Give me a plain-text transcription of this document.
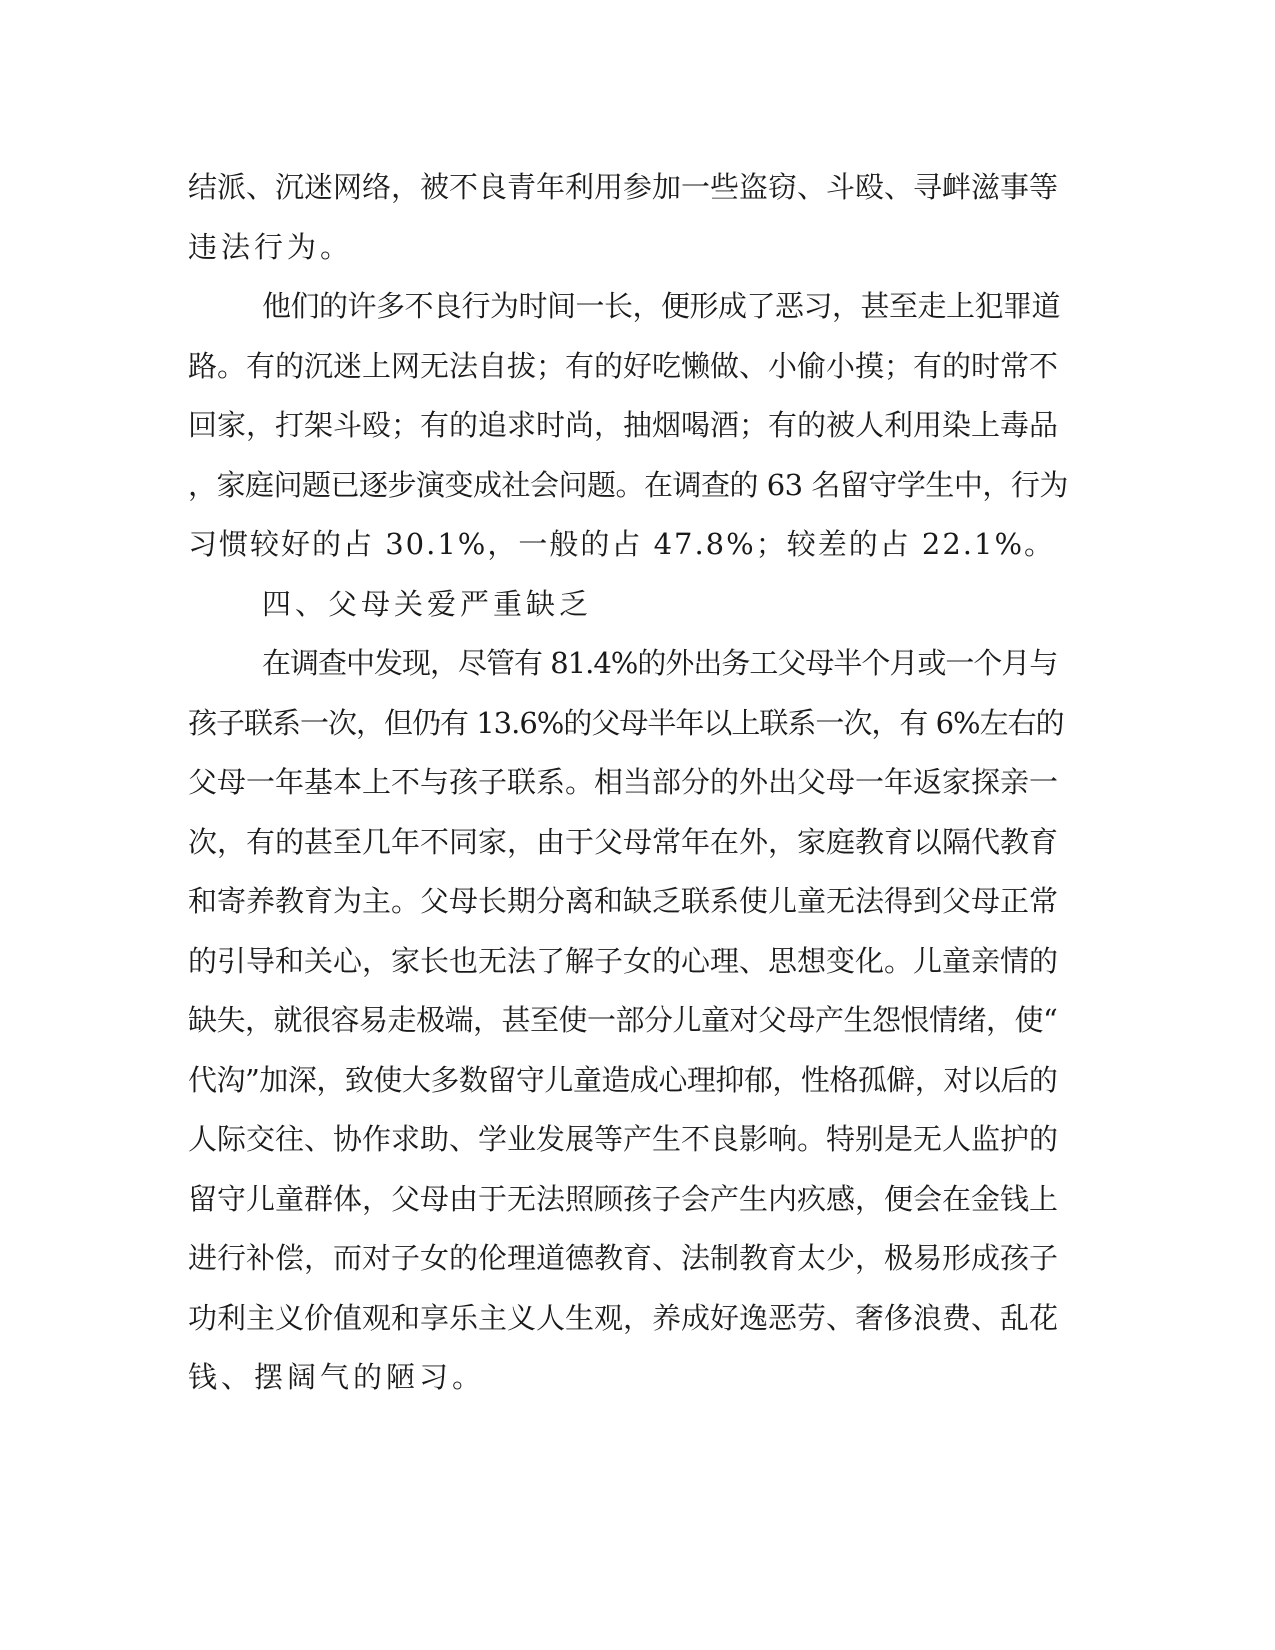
结派、沉迷网络，被不良青年利用参加一些盗窃、斗殴、寻衅滋事等
违法行为。
他们的许多不良行为时间一长，便形成了恶习，甚至走上犯罪道
路。有的沉迷上网无法自拔；有的好吃懒做、小偷小摸；有的时常不
回家，打架斗殴；有的追求时尚，抽烟喝酒；有的被人利用染上毒品
，家庭问题已逐步演变成社会问题。在调查的 63 名留守学生中，行为
习惯较好的占 30.1%，一般的占 47.8%；较差的占 22.1%。
四、父母关爱严重缺乏
在调查中发现，尽管有 81.4%的外出务工父母半个月或一个月与
孩子联系一次，但仍有 13.6%的父母半年以上联系一次，有 6%左右的
父母一年基本上不与孩子联系。相当部分的外出父母一年返家探亲一
次，有的甚至几年不同家，由于父母常年在外，家庭教育以隔代教育
和寄养教育为主。父母长期分离和缺乏联系使儿童无法得到父母正常
的引导和关心，家长也无法了解子女的心理、思想变化。儿童亲情的
缺失，就很容易走极端，甚至使一部分儿童对父母产生怨恨情绪，使“
代沟”加深，致使大多数留守儿童造成心理抑郁，性格孤僻，对以后的
人际交往、协作求助、学业发展等产生不良影响。特别是无人监护的
留守儿童群体，父母由于无法照顾孩子会产生内疚感，便会在金钱上
进行补偿，而对子女的伦理道德教育、法制教育太少，极易形成孩子
功利主义价值观和享乐主义人生观，养成好逸恶劳、奢侈浪费、乱花
钱、摆阔气的陋习。
